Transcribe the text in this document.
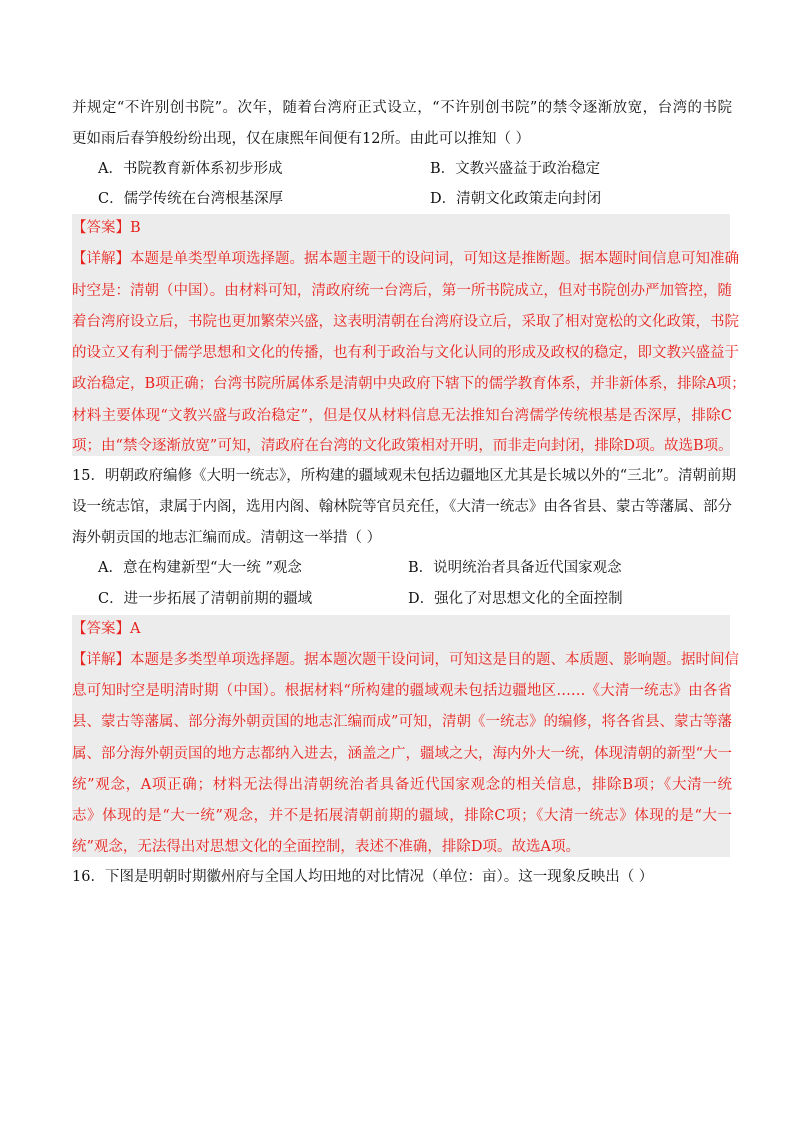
并规定“不许别创书院”。次年，随着台湾府正式设立，“不许别创书院”的禁令逐渐放宽，台湾的书院
更如雨后春笋般纷纷出现，仅在康熙年间便有12所。由此可以推知（ ）
A．书院教育新体系初步形成	B．文教兴盛益于政治稳定
C．儒学传统在台湾根基深厚	D．清朝文化政策走向封闭
【答案】B
【详解】本题是单类型单项选择题。据本题主题干的设问词，可知这是推断题。据本题时间信息可知准确
时空是：清朝（中国）。由材料可知，清政府统一台湾后，第一所书院成立，但对书院创办严加管控，随
着台湾府设立后，书院也更加繁荣兴盛，这表明清朝在台湾府设立后，采取了相对宽松的文化政策，书院
的设立又有利于儒学思想和文化的传播，也有利于政治与文化认同的形成及政权的稳定，即文教兴盛益于
政治稳定，B项正确；台湾书院所属体系是清朝中央政府下辖下的儒学教育体系，并非新体系，排除A项；
材料主要体现“文教兴盛与政治稳定”，但是仅从材料信息无法推知台湾儒学传统根基是否深厚，排除C
项；由“禁令逐渐放宽”可知，清政府在台湾的文化政策相对开明，而非走向封闭，排除D项。故选B项。
15．明朝政府编修《大明一统志》，所构建的疆域观未包括边疆地区尤其是长城以外的“三北”。清朝前期
设一统志馆，隶属于内阁，选用内阁、翰林院等官员充任，《大清一统志》由各省县、蒙古等藩属、部分
海外朝贡国的地志汇编而成。清朝这一举措（ ）
A．意在构建新型“大一统 ”观念	B．说明统治者具备近代国家观念
C．进一步拓展了清朝前期的疆域	D．强化了对思想文化的全面控制
【答案】A
【详解】本题是多类型单项选择题。据本题次题干设问词，可知这是目的题、本质题、影响题。据时间信
息可知时空是明清时期（中国）。根据材料“所构建的疆域观未包括边疆地区……《大清一统志》由各省
县、蒙古等藩属、部分海外朝贡国的地志汇编而成”可知，清朝《一统志》的编修，将各省县、蒙古等藩
属、部分海外朝贡国的地方志都纳入进去，涵盖之广，疆域之大，海内外大一统，体现清朝的新型“大一
统”观念，A项正确；材料无法得出清朝统治者具备近代国家观念的相关信息，排除B项；《大清一统
志》体现的是“大一统”观念，并不是拓展清朝前期的疆域，排除C项；《大清一统志》体现的是“大一
统”观念，无法得出对思想文化的全面控制，表述不准确，排除D项。故选A项。
16．下图是明朝时期徽州府与全国人均田地的对比情况（单位：亩）。这一现象反映出（ ）
